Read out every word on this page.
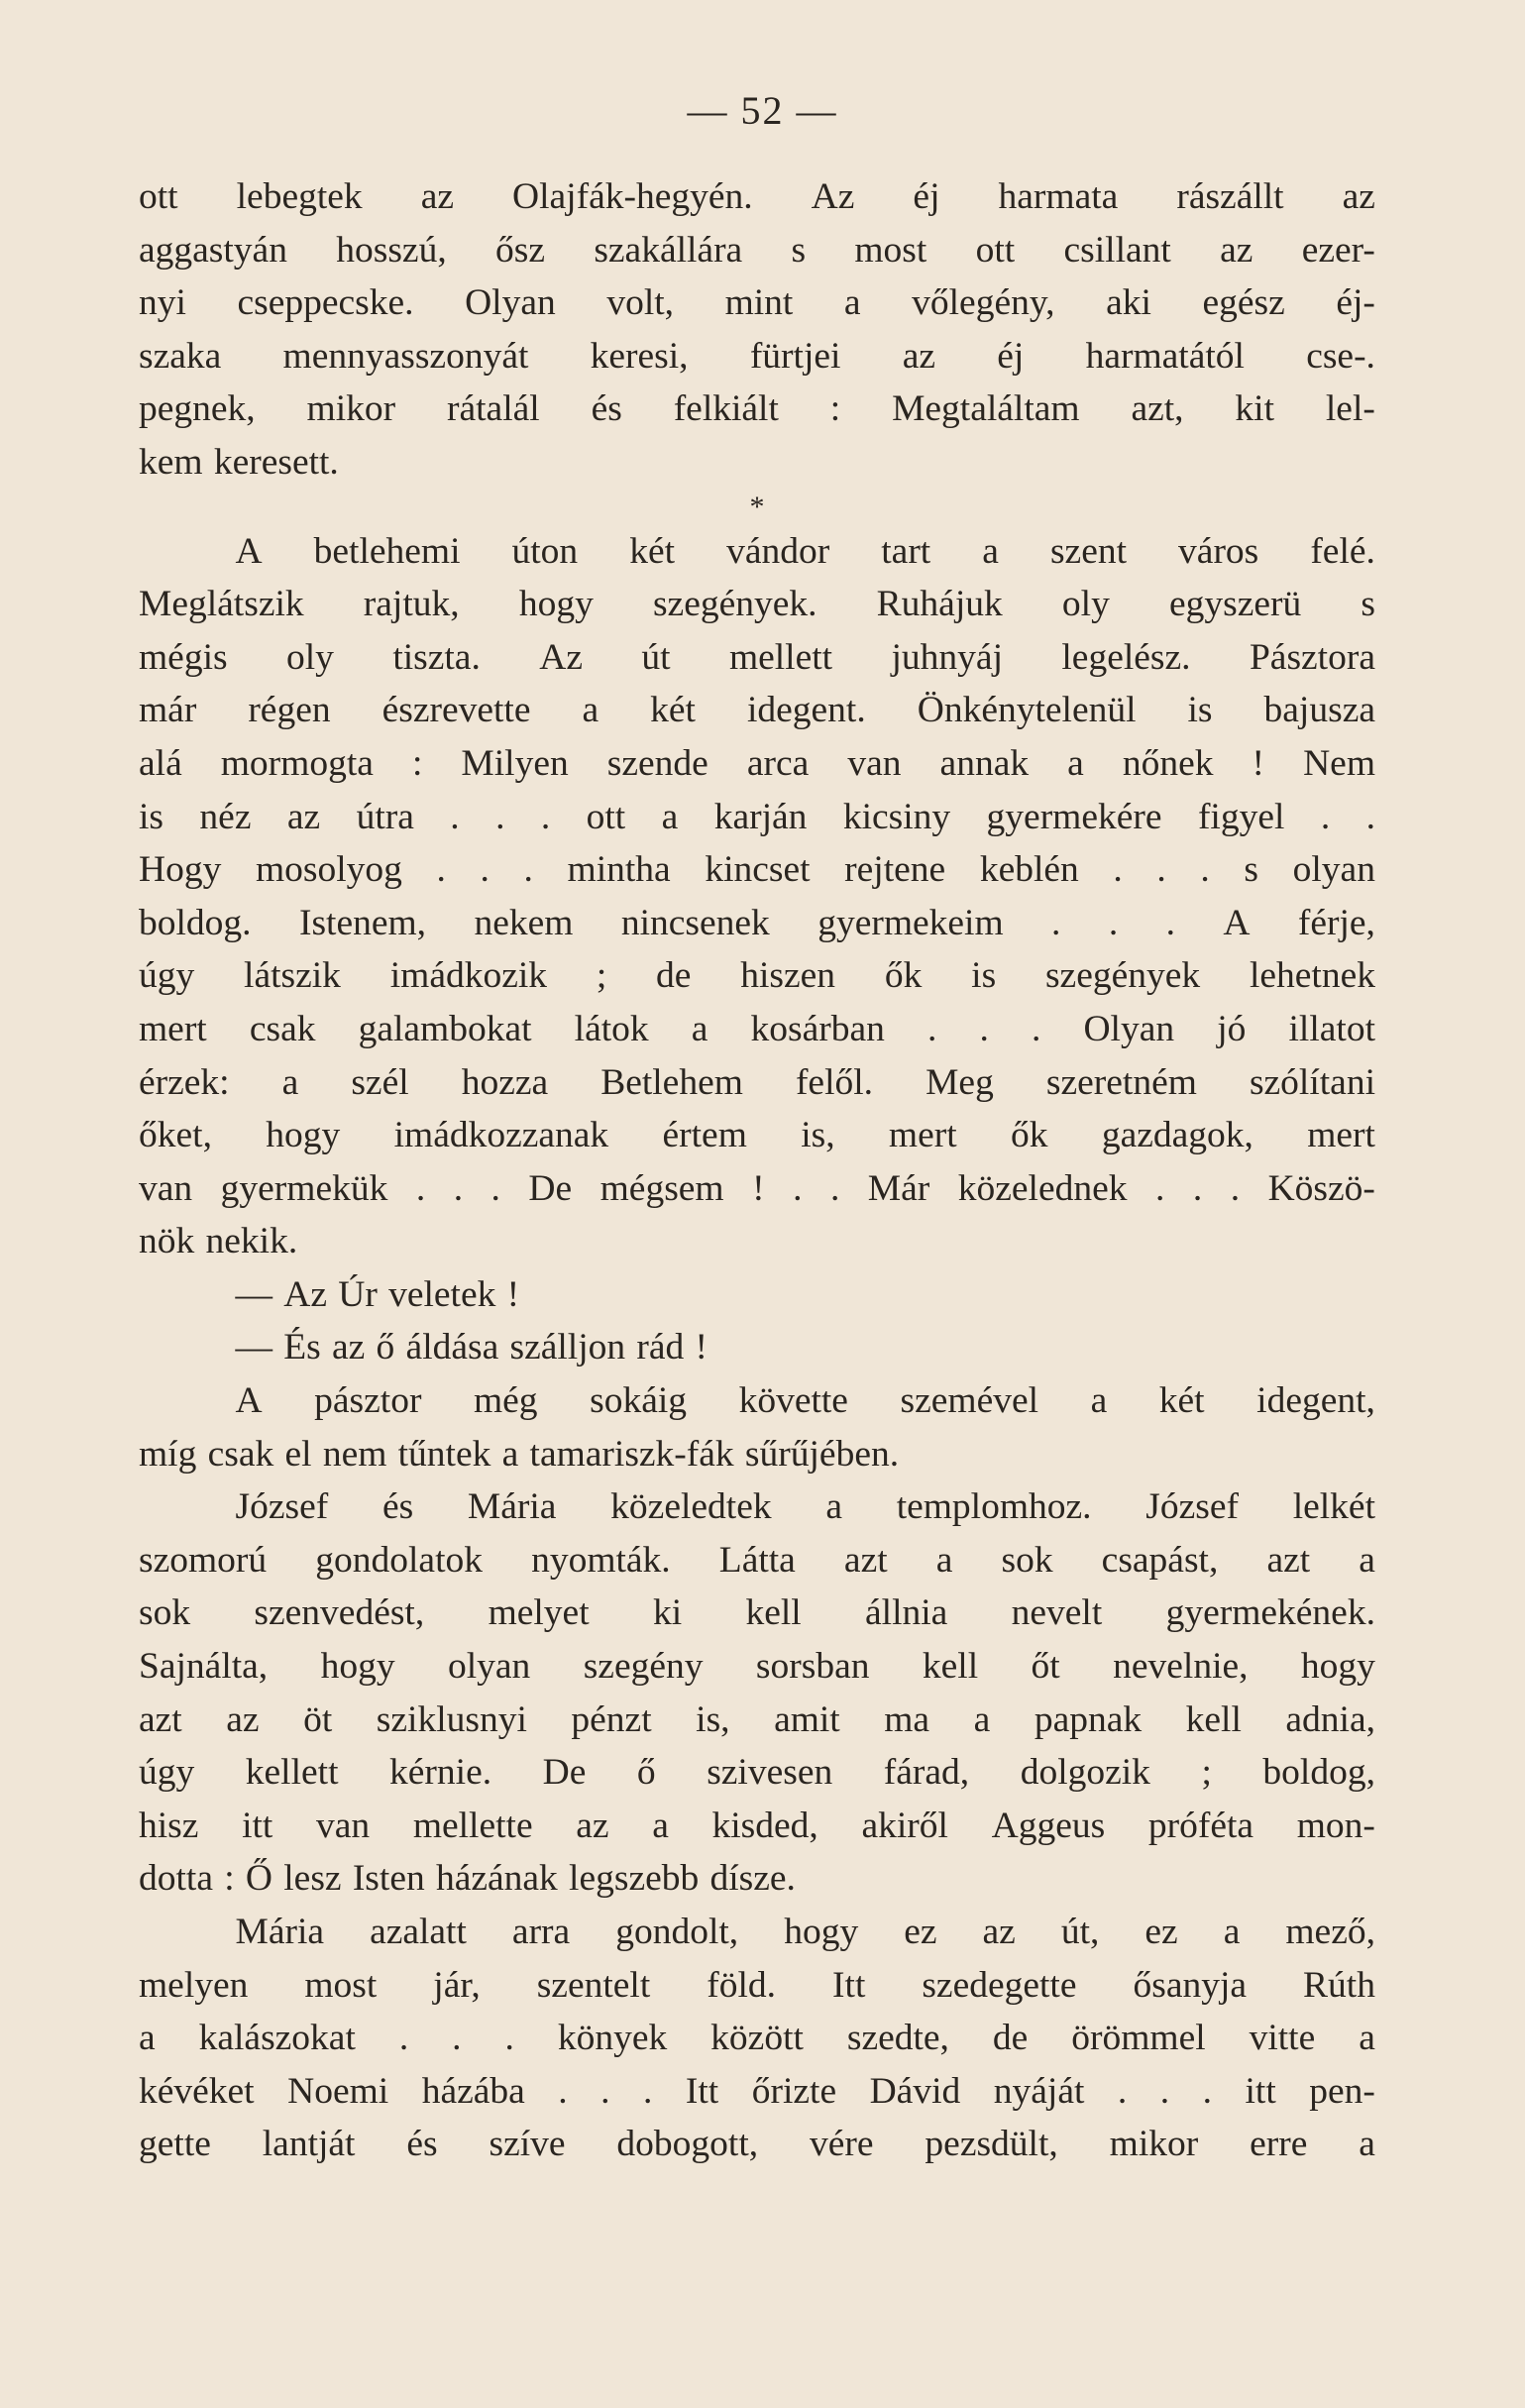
— 52 —
ott lebegtek az Olajfák-hegyén. Az éj harmata rászállt az
aggastyán hosszú, ősz szakállára s most ott csillant az ezer-
nyi cseppecske. Olyan volt, mint a vőlegény, aki egész éj-
szaka mennyasszonyát keresi, fürtjei az éj harmatától cse-.
pegnek, mikor rátalál és felkiált : Megtaláltam azt, kit lel-
kem keresett.
*
A betlehemi úton két vándor tart a szent város felé.
Meglátszik rajtuk, hogy szegények. Ruhájuk oly egyszerü s
mégis oly tiszta. Az út mellett juhnyáj legelész. Pásztora
már régen észrevette a két idegent. Önkénytelenül is bajusza
alá mormogta : Milyen szende arca van annak a nőnek ! Nem
is néz az útra . . . ott a karján kicsiny gyermekére figyel . .
Hogy mosolyog . . . mintha kincset rejtene keblén . . . s olyan
boldog. Istenem, nekem nincsenek gyermekeim . . . A férje,
úgy látszik imádkozik ; de hiszen ők is szegények lehetnek
mert csak galambokat látok a kosárban . . . Olyan jó illatot
érzek: a szél hozza Betlehem felől. Meg szeretném szólítani
őket, hogy imádkozzanak értem is, mert ők gazdagok, mert
van gyermekük . . . De mégsem ! . . Már közelednek . . . Köszö-
nök nekik.
— Az Úr veletek !
— És az ő áldása szálljon rád !
A pásztor még sokáig követte szemével a két idegent,
míg csak el nem tűntek a tamariszk-fák sűrűjében.
József és Mária közeledtek a templomhoz. József lelkét
szomorú gondolatok nyomták. Látta azt a sok csapást, azt a
sok szenvedést, melyet ki kell állnia nevelt gyermekének.
Sajnálta, hogy olyan szegény sorsban kell őt nevelnie, hogy
azt az öt sziklusnyi pénzt is, amit ma a papnak kell adnia,
úgy kellett kérnie. De ő szivesen fárad, dolgozik ; boldog,
hisz itt van mellette az a kisded, akiről Aggeus próféta mon-
dotta : Ő lesz Isten házának legszebb dísze.
Mária azalatt arra gondolt, hogy ez az út, ez a mező,
melyen most jár, szentelt föld. Itt szedegette ősanyja Rúth
a kalászokat . . . könyek között szedte, de örömmel vitte a
kévéket Noemi házába . . . Itt őrizte Dávid nyáját . . . itt pen-
gette lantját és szíve dobogott, vére pezsdült, mikor erre a
